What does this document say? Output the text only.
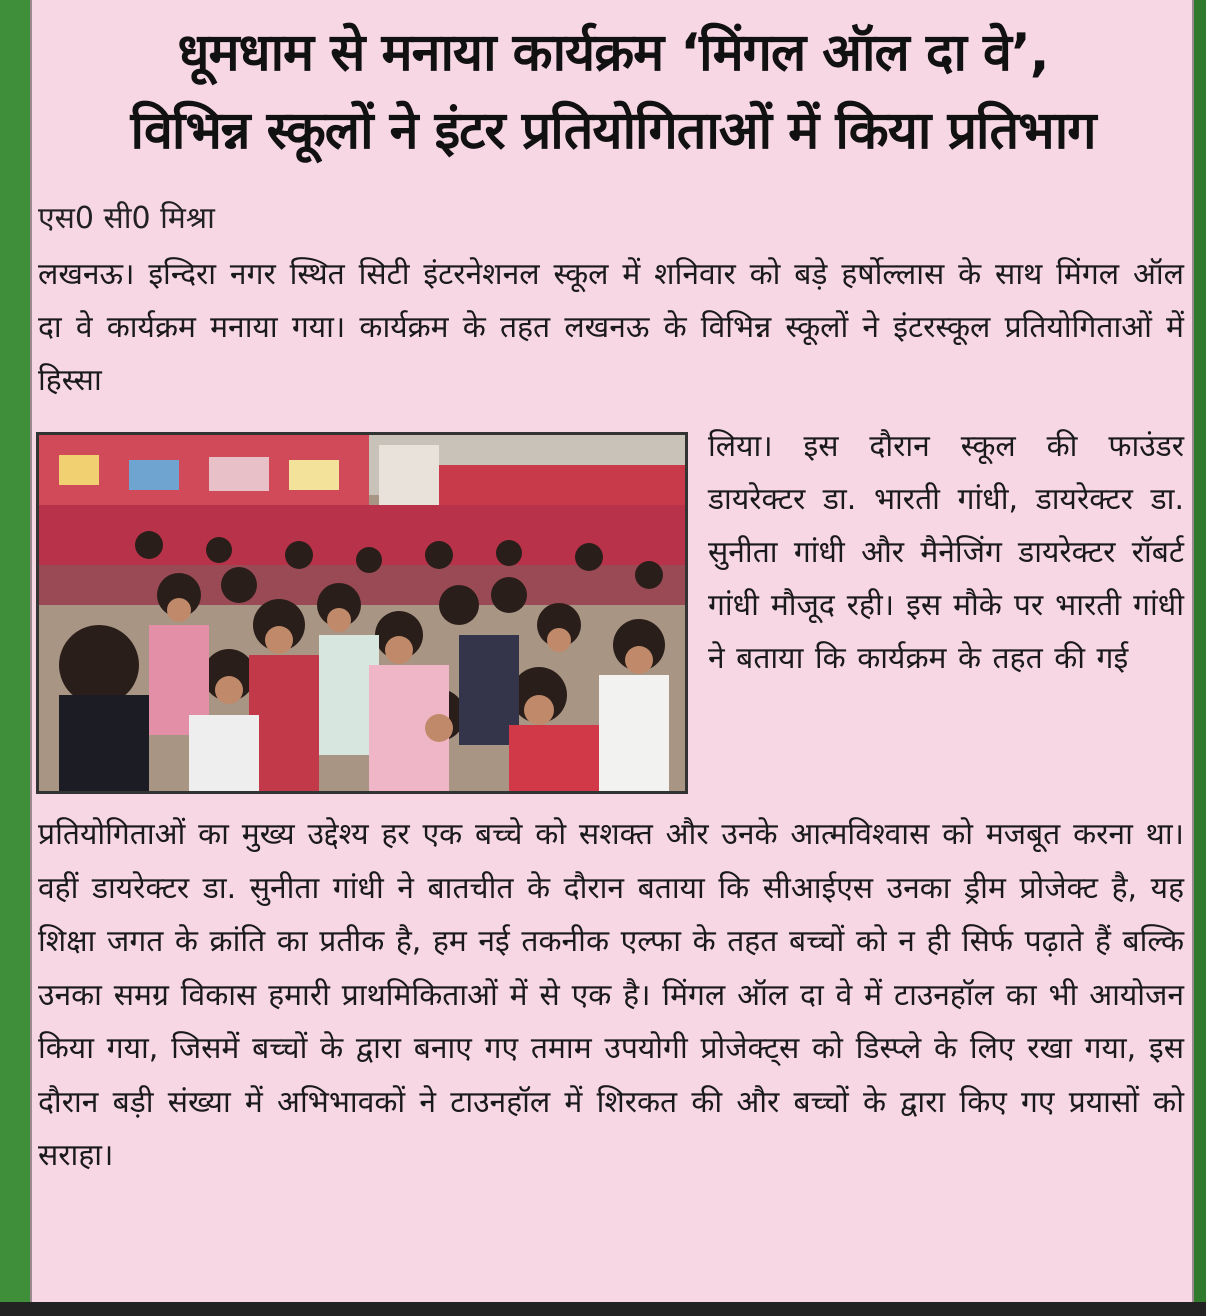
धूमधाम से मनाया कार्यक्रम ‘मिंगल ऑल दा वे’,
विभिन्न स्कूलों ने इंटर प्रतियोगिताओं में किया प्रतिभाग

एस0 सी0 मिश्रा

लखनऊ। इन्दिरा नगर स्थित सिटी इंटरनेशनल स्कूल में शनिवार को बड़े हर्षोल्लास के साथ मिंगल ऑल दा वे कार्यक्रम मनाया गया। कार्यक्रम के तहत लखनऊ के विभिन्न स्कूलों ने इंटरस्कूल प्रतियोगिताओं में हिस्सा

लिया। इस दौरान स्कूल की फाउंडर डायरेक्टर डा. भारती गांधी, डायरेक्टर डा. सुनीता गांधी और मैनेजिंग डायरेक्टर रॉबर्ट गांधी मौजूद रही। इस मौके पर भारती गांधी ने बताया कि कार्यक्रम के तहत की गई

प्रतियोगिताओं का मुख्य उद्देश्य हर एक बच्चे को सशक्त और उनके आत्मविश्वास को मजबूत करना था। वहीं डायरेक्टर डा. सुनीता गांधी ने बातचीत के दौरान बताया कि सीआईएस उनका ड्रीम प्रोजेक्ट है, यह शिक्षा जगत के क्रांति का प्रतीक है, हम नई तकनीक एल्फा के तहत बच्चों को न ही सिर्फ पढ़ाते हैं बल्कि उनका समग्र विकास हमारी प्राथमिकिताओं में से एक है। मिंगल ऑल दा वे में टाउनहॉल का भी आयोजन किया गया, जिसमें बच्चों के द्वारा बनाए गए तमाम उपयोगी प्रोजेक्ट्स को डिस्प्ले के लिए रखा गया, इस दौरान बड़ी संख्या में अभिभावकों ने टाउनहॉल में शिरकत की और बच्चों के द्वारा किए गए प्रयासों को सराहा।
